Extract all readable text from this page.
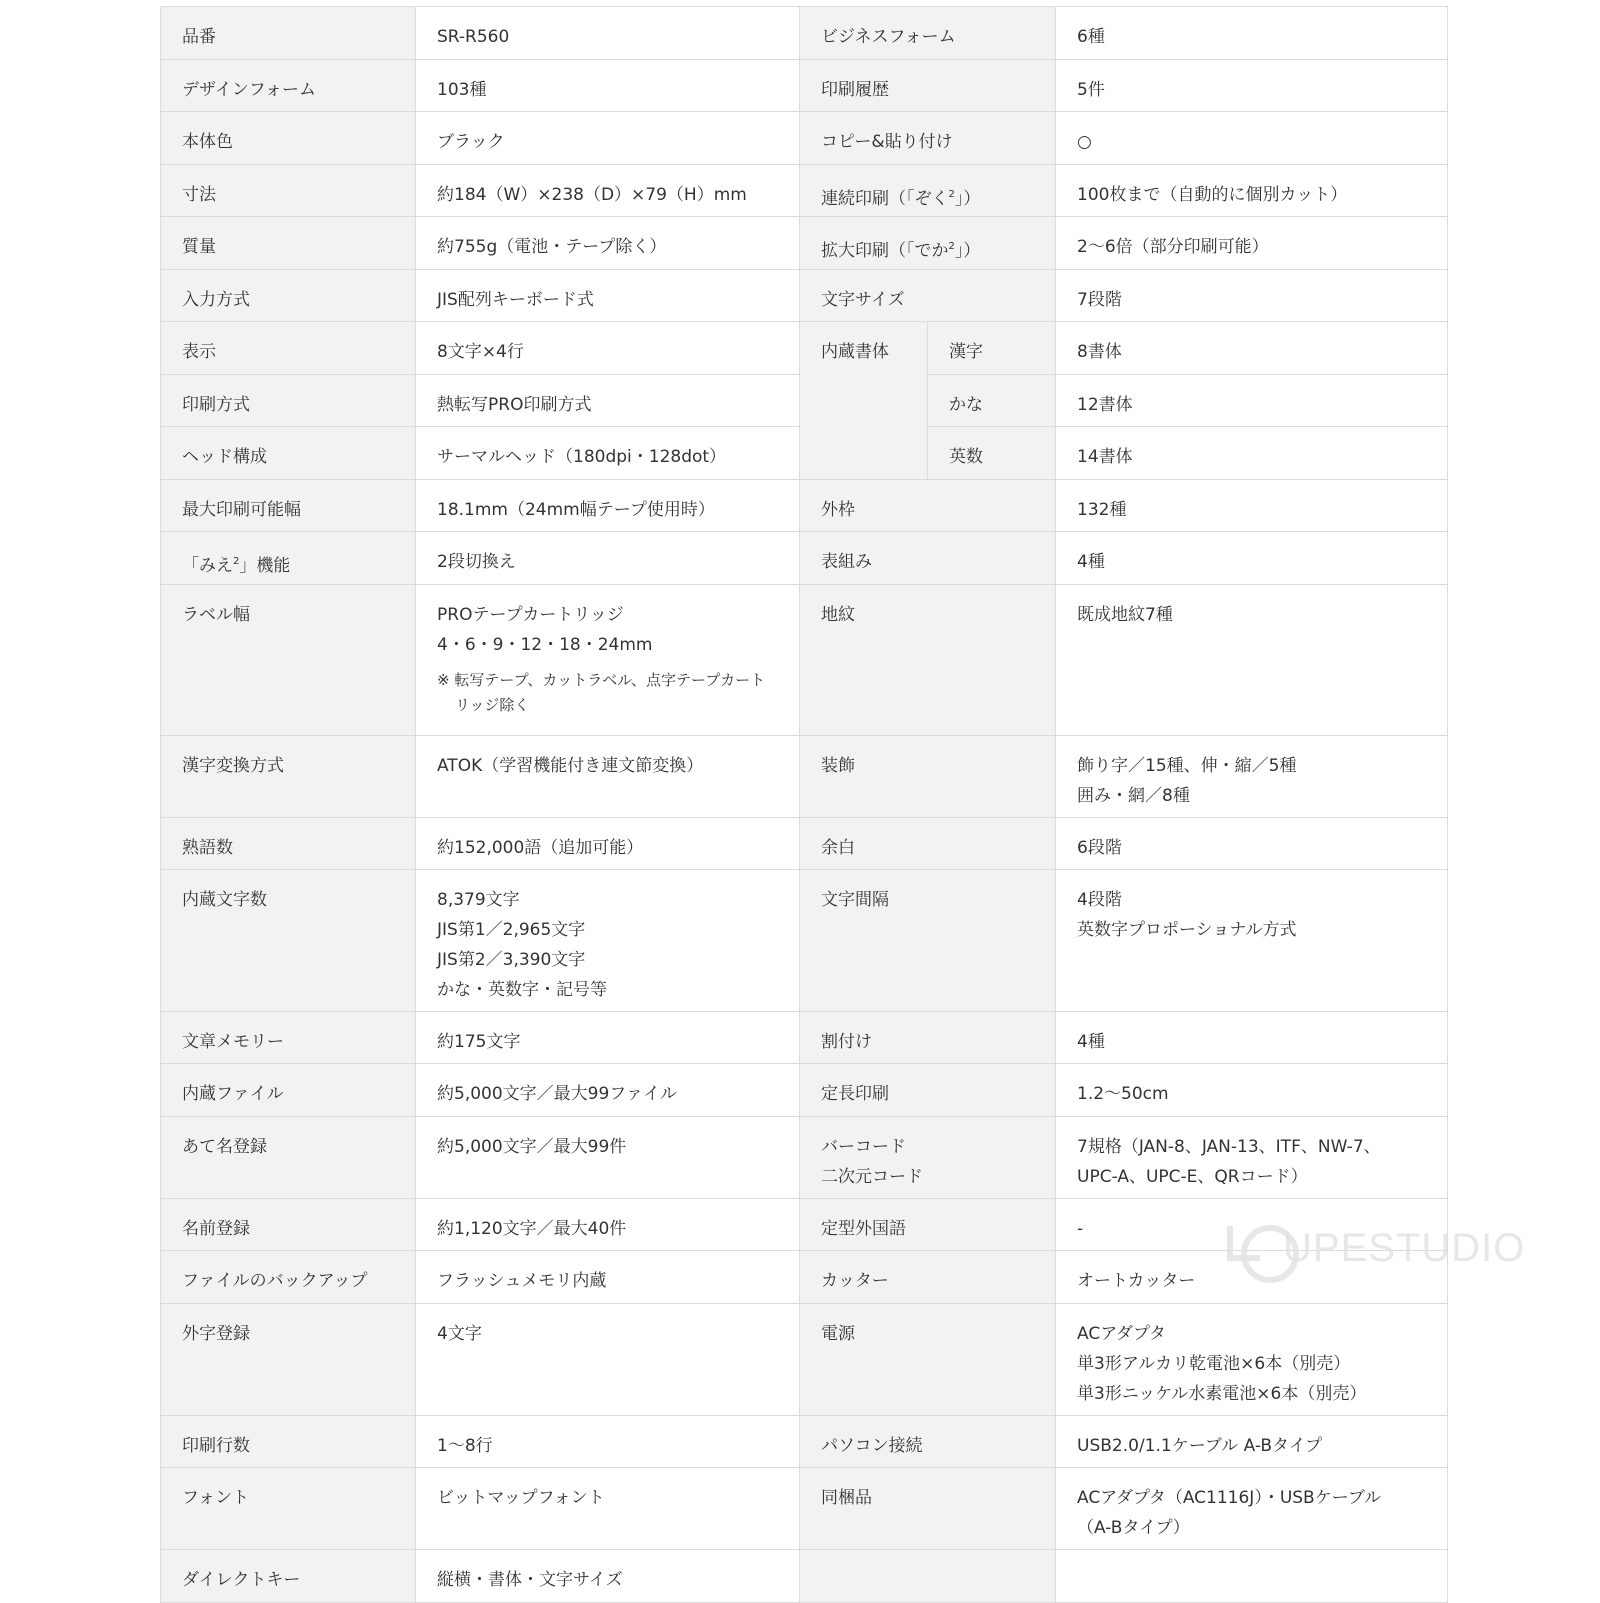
品番	SR-R560	ビジネスフォーム		6種

デザインフォーム	103種	印刷履歴		5件

本体色	ブラック	コピー&貼り付け		○

寸法	約184（W）×238（D）×79（H）mm	連続印刷（「ぞく$^2$」）		100枚まで（自動的に個別カット）

質量	約755g（電池・テープ除く）	拡大印刷（「でか$^2$」）		2〜6倍（部分印刷可能）

入力方式	JIS配列キーボード式	文字サイズ		7段階

表示	8文字×4行	内蔵書体	漢字	8書体

印刷方式	熱転写PRO印刷方式		かな	12書体

ヘッド構成	サーマルヘッド（180dpi・128dot）		英数	14書体

最大印刷可能幅	18.1mm（24mm幅テープ使用時）	外枠		132種

「みえ$^2$」機能	2段切換え	表組み		4種

ラベル幅	PROテープカートリッジ
4・6・9・12・18・24mm
※ 転写テープ、カットラベル、点字テープカート
リッジ除く	地紋		既成地紋7種

漢字変換方式	ATOK（学習機能付き連文節変換）	装飾		飾り字／15種、伸・縮／5種
囲み・網／8種

熟語数	約152,000語（追加可能）	余白		6段階

内蔵文字数	8,379文字
JIS第1／2,965文字
JIS第2／3,390文字
かな・英数字・記号等	文字間隔		4段階
英数字プロポーショナル方式

文章メモリー	約175文字	割付け		4種

内蔵ファイル	約5,000文字／最大99ファイル	定長印刷		1.2〜50cm

あて名登録	約5,000文字／最大99件	バーコード
二次元コード		7規格（JAN-8、JAN-13、ITF、NW-7、
UPC-A、UPC-E、QRコード）

名前登録	約1,120文字／最大40件	定型外国語		-

ファイルのバックアップ	フラッシュメモリ内蔵	カッター		オートカッター

外字登録	4文字	電源		ACアダプタ
単3形アルカリ乾電池×6本（別売）
単3形ニッケル水素電池×6本（別売）

印刷行数	1〜8行	パソコン接続		USB2.0/1.1ケーブル A-Bタイプ

フォント	ビットマップフォント	同梱品		ACアダプタ（AC1116J）・USBケーブル
（A-Bタイプ）

ダイレクトキー	縦横・書体・文字サイズ			

UPESTUDIO
